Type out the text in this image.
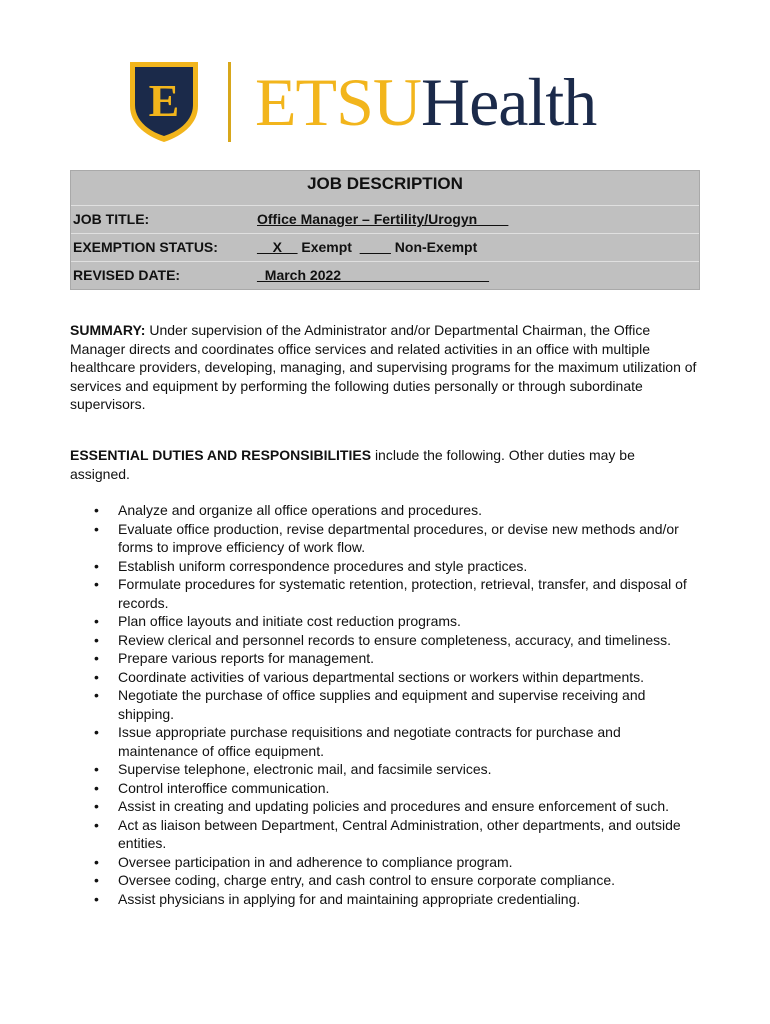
E ETSUHealth
JOB DESCRIPTION
JOB TITLE:	Office Manager – Fertility/Urogyn____
EXEMPTION STATUS:	__X__ Exempt ____ Non-Exempt
REVISED DATE:	_March 2022___________________
SUMMARY: Under supervision of the Administrator and/or Departmental Chairman, the Office Manager directs and coordinates office services and related activities in an office with multiple healthcare providers, developing, managing, and supervising programs for the maximum utilization of services and equipment by performing the following duties personally or through subordinate supervisors.
ESSENTIAL DUTIES AND RESPONSIBILITIES include the following. Other duties may be assigned.
• Analyze and organize all office operations and procedures.
• Evaluate office production, revise departmental procedures, or devise new methods and/or forms to improve efficiency of work flow.
• Establish uniform correspondence procedures and style practices.
• Formulate procedures for systematic retention, protection, retrieval, transfer, and disposal of records.
• Plan office layouts and initiate cost reduction programs.
• Review clerical and personnel records to ensure completeness, accuracy, and timeliness.
• Prepare various reports for management.
• Coordinate activities of various departmental sections or workers within departments.
• Negotiate the purchase of office supplies and equipment and supervise receiving and shipping.
• Issue appropriate purchase requisitions and negotiate contracts for purchase and maintenance of office equipment.
• Supervise telephone, electronic mail, and facsimile services.
• Control interoffice communication.
• Assist in creating and updating policies and procedures and ensure enforcement of such.
• Act as liaison between Department, Central Administration, other departments, and outside entities.
• Oversee participation in and adherence to compliance program.
• Oversee coding, charge entry, and cash control to ensure corporate compliance.
• Assist physicians in applying for and maintaining appropriate credentialing.
